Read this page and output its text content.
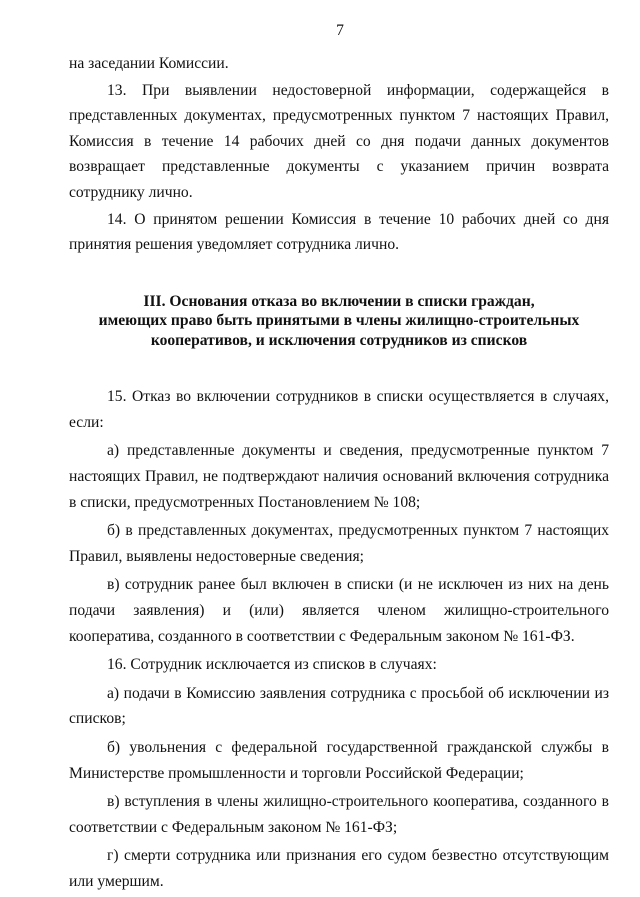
7

на заседании Комиссии.

13. При выявлении недостоверной информации, содержащейся в представленных документах, предусмотренных пунктом 7 настоящих Правил, Комиссия в течение 14 рабочих дней со дня подачи данных документов возвращает представленные документы с указанием причин возврата сотруднику лично.

14. О принятом решении Комиссия в течение 10 рабочих дней со дня принятия решения уведомляет сотрудника лично.

III. Основания отказа во включении в списки граждан,
имеющих право быть принятыми в члены жилищно-строительных
кооперативов, и исключения сотрудников из списков

15. Отказ во включении сотрудников в списки осуществляется в случаях, если:

а) представленные документы и сведения, предусмотренные пунктом 7 настоящих Правил, не подтверждают наличия оснований включения сотрудника в списки, предусмотренных Постановлением № 108;

б) в представленных документах, предусмотренных пунктом 7 настоящих Правил, выявлены недостоверные сведения;

в) сотрудник ранее был включен в списки (и не исключен из них на день подачи заявления) и (или) является членом жилищно-строительного кооператива, созданного в соответствии с Федеральным законом № 161-ФЗ.

16. Сотрудник исключается из списков в случаях:

а) подачи в Комиссию заявления сотрудника с просьбой об исключении из списков;

б) увольнения с федеральной государственной гражданской службы в Министерстве промышленности и торговли Российской Федерации;

в) вступления в члены жилищно-строительного кооператива, созданного в соответствии с Федеральным законом № 161-ФЗ;

г) смерти сотрудника или признания его судом безвестно отсутствующим или умершим.
